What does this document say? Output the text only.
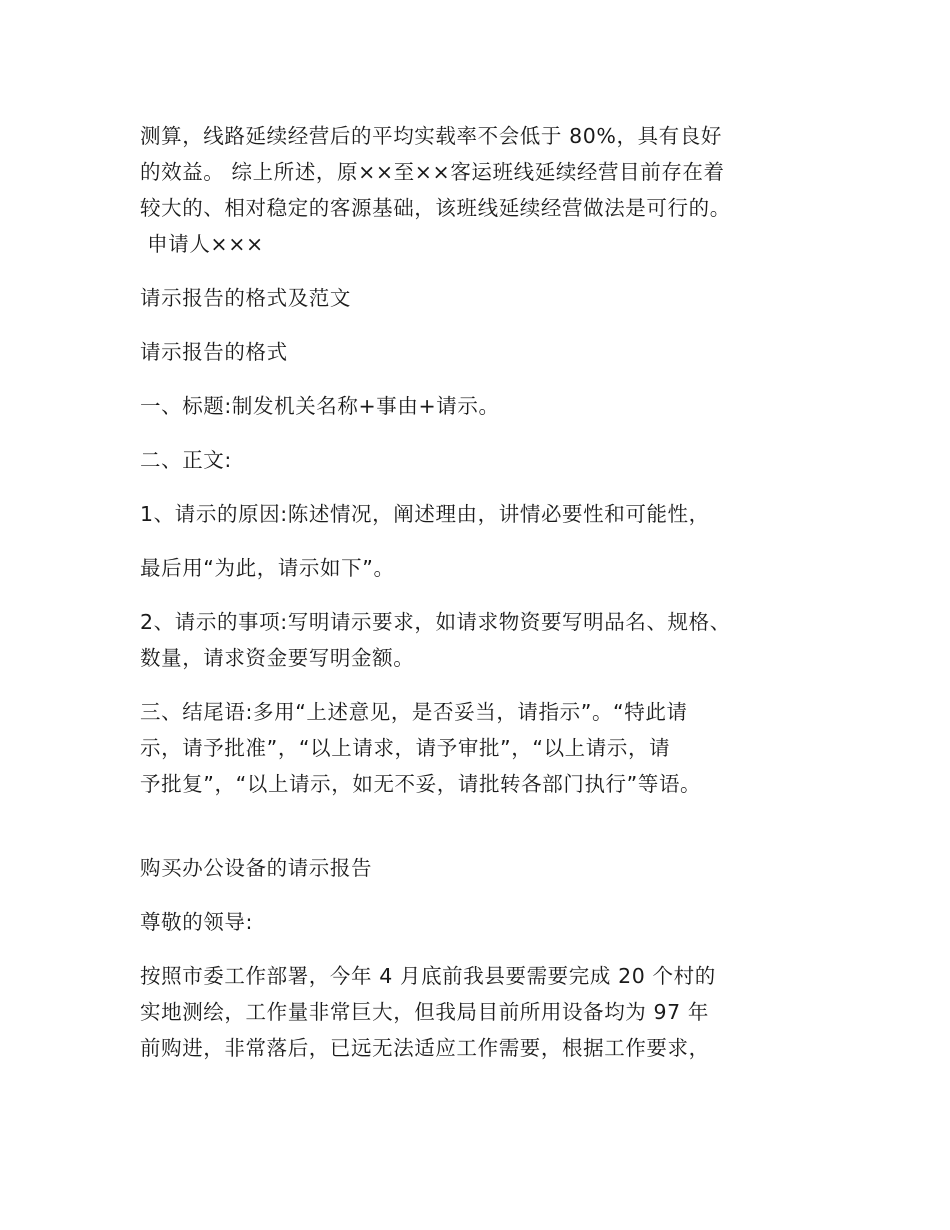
测算，线路延续经营后的平均实载率不会低于 80%，具有良好
的效益。 综上所述，原××至××客运班线延续经营目前存在着
较大的、相对稳定的客源基础，该班线延续经营做法是可行的。
申请人×××

请示报告的格式及范文

请示报告的格式

一、标题:制发机关名称+事由+请示。

二、正文:

1、请示的原因:陈述情况，阐述理由，讲情必要性和可能性，

最后用“为此，请示如下”。

2、请示的事项:写明请示要求，如请求物资要写明品名、规格、
数量，请求资金要写明金额。
三、结尾语:多用“上述意见，是否妥当，请指示”。“特此请
示，请予批准”，“以上请求，请予审批”，“以上请示，请
予批复”，“以上请示，如无不妥，请批转各部门执行”等语。

购买办公设备的请示报告

尊敬的领导:

按照市委工作部署，今年 4 月底前我县要需要完成 20 个村的
实地测绘，工作量非常巨大，但我局目前所用设备均为 97 年
前购进，非常落后，已远无法适应工作需要，根据工作要求，
